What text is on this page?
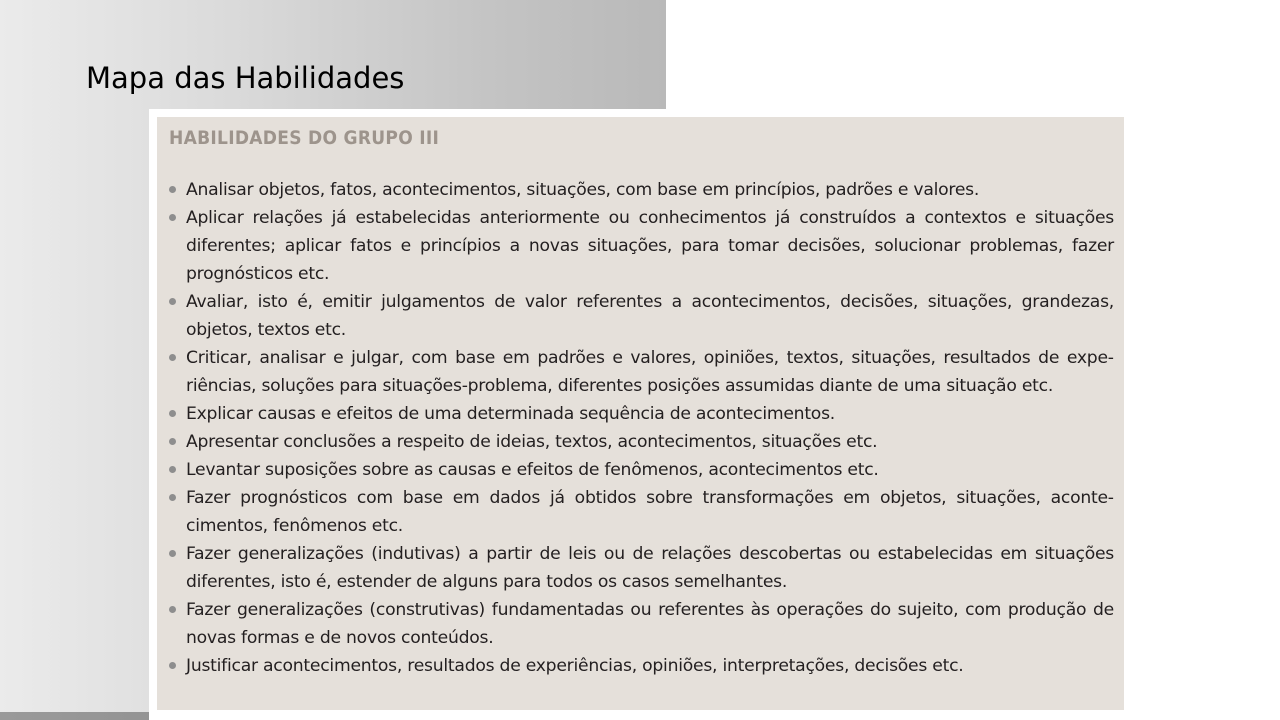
Mapa das Habilidades
HABILIDADES DO GRUPO III
Analisar objetos, fatos, acontecimentos, situações, com base em princípios, padrões e valores.
Aplicar relações já estabelecidas anteriormente ou conhecimentos já construídos a contextos e situações diferentes; aplicar fatos e princípios a novas situações, para tomar decisões, solucionar problemas, fazer prognósticos etc.
Avaliar, isto é, emitir julgamentos de valor referentes a acontecimentos, decisões, situações, grandezas, objetos, textos etc.
Criticar, analisar e julgar, com base em padrões e valores, opiniões, textos, situações, resultados de experiências, soluções para situações-problema, diferentes posições assumidas diante de uma situação etc.
Explicar causas e efeitos de uma determinada sequência de acontecimentos.
Apresentar conclusões a respeito de ideias, textos, acontecimentos, situações etc.
Levantar suposições sobre as causas e efeitos de fenômenos, acontecimentos etc.
Fazer prognósticos com base em dados já obtidos sobre transformações em objetos, situações, acontecimentos, fenômenos etc.
Fazer generalizações (indutivas) a partir de leis ou de relações descobertas ou estabelecidas em situações diferentes, isto é, estender de alguns para todos os casos semelhantes.
Fazer generalizações (construtivas) fundamentadas ou referentes às operações do sujeito, com produção de novas formas e de novos conteúdos.
Justificar acontecimentos, resultados de experiências, opiniões, interpretações, decisões etc.
